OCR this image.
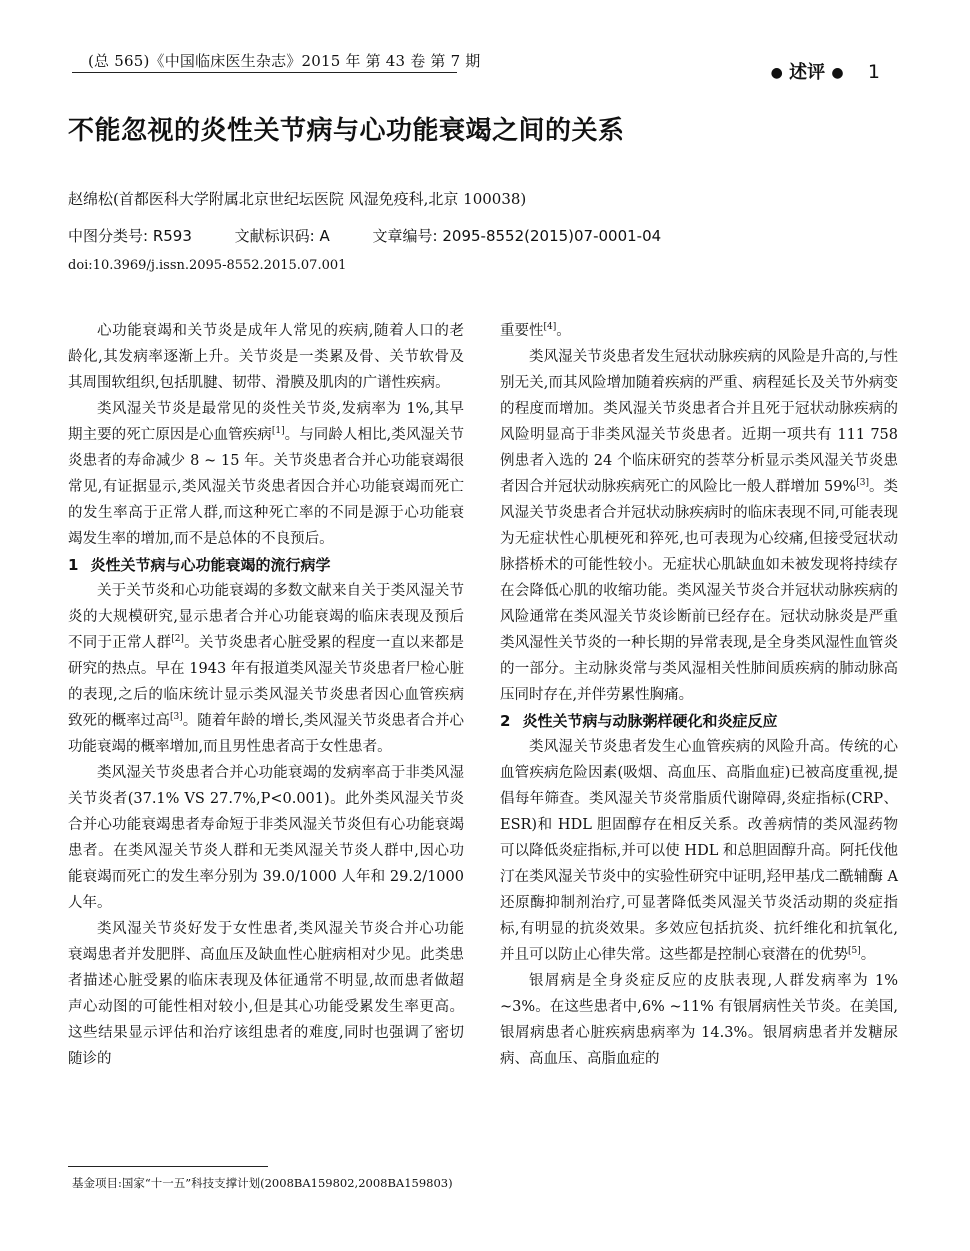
(总 565)《中国临床医生杂志》2015 年 第 43 卷 第 7 期
● 述评 ● 1
不能忽视的炎性关节病与心功能衰竭之间的关系
赵绵松(首都医科大学附属北京世纪坛医院 风湿免疫科,北京 100038)
中图分类号: R593	文献标识码: A	文章编号: 2095-8552(2015)07-0001-04
doi:10.3969/j.issn.2095-8552.2015.07.001

心功能衰竭和关节炎是成年人常见的疾病,随着人口的老龄化,其发病率逐渐上升。关节炎是一类累及骨、关节软骨及其周围软组织,包括肌腱、韧带、滑膜及肌肉的广谱性疾病。

类风湿关节炎是最常见的炎性关节炎,发病率为 1%,其早期主要的死亡原因是心血管疾病[1]。与同龄人相比,类风湿关节炎患者的寿命减少 8 ~ 15 年。关节炎患者合并心功能衰竭很常见,有证据显示,类风湿关节炎患者因合并心功能衰竭而死亡的发生率高于正常人群,而这种死亡率的不同是源于心功能衰竭发生率的增加,而不是总体的不良预后。

1 炎性关节病与心功能衰竭的流行病学

关于关节炎和心功能衰竭的多数文献来自关于类风湿关节炎的大规模研究,显示患者合并心功能衰竭的临床表现及预后不同于正常人群[2]。关节炎患者心脏受累的程度一直以来都是研究的热点。早在 1943 年有报道类风湿关节炎患者尸检心脏的表现,之后的临床统计显示类风湿关节炎患者因心血管疾病致死的概率过高[3]。随着年龄的增长,类风湿关节炎患者合并心功能衰竭的概率增加,而且男性患者高于女性患者。

类风湿关节炎患者合并心功能衰竭的发病率高于非类风湿关节炎者(37.1% VS 27.7%,P<0.001)。此外类风湿关节炎合并心功能衰竭患者寿命短于非类风湿关节炎但有心功能衰竭患者。在类风湿关节炎人群和无类风湿关节炎人群中,因心功能衰竭而死亡的发生率分别为 39.0/1000 人年和 29.2/1000 人年。

类风湿关节炎好发于女性患者,类风湿关节炎合并心功能衰竭患者并发肥胖、高血压及缺血性心脏病相对少见。此类患者描述心脏受累的临床表现及体征通常不明显,故而患者做超声心动图的可能性相对较小,但是其心功能受累发生率更高。这些结果显示评估和治疗该组患者的难度,同时也强调了密切随诊的

重要性[4]。

类风湿关节炎患者发生冠状动脉疾病的风险是升高的,与性别无关,而其风险增加随着疾病的严重、病程延长及关节外病变的程度而增加。类风湿关节炎患者合并且死于冠状动脉疾病的风险明显高于非类风湿关节炎患者。近期一项共有 111 758 例患者入选的 24 个临床研究的荟萃分析显示类风湿关节炎患者因合并冠状动脉疾病死亡的风险比一般人群增加 59%[3]。类风湿关节炎患者合并冠状动脉疾病时的临床表现不同,可能表现为无症状性心肌梗死和猝死,也可表现为心绞痛,但接受冠状动脉搭桥术的可能性较小。无症状心肌缺血如未被发现将持续存在会降低心肌的收缩功能。类风湿关节炎合并冠状动脉疾病的风险通常在类风湿关节炎诊断前已经存在。冠状动脉炎是严重类风湿性关节炎的一种长期的异常表现,是全身类风湿性血管炎的一部分。主动脉炎常与类风湿相关性肺间质疾病的肺动脉高压同时存在,并伴劳累性胸痛。

2 炎性关节病与动脉粥样硬化和炎症反应

类风湿关节炎患者发生心血管疾病的风险升高。传统的心血管疾病危险因素(吸烟、高血压、高脂血症)已被高度重视,提倡每年筛查。类风湿关节炎常脂质代谢障碍,炎症指标(CRP、ESR)和 HDL 胆固醇存在相反关系。改善病情的类风湿药物可以降低炎症指标,并可以使 HDL 和总胆固醇升高。阿托伐他汀在类风湿关节炎中的实验性研究中证明,羟甲基戊二酰辅酶 A 还原酶抑制剂治疗,可显著降低类风湿关节炎活动期的炎症指标,有明显的抗炎效果。多效应包括抗炎、抗纤维化和抗氧化,并且可以防止心律失常。这些都是控制心衰潜在的优势[5]。

银屑病是全身炎症反应的皮肤表现,人群发病率为 1% ~3%。在这些患者中,6% ~11% 有银屑病性关节炎。在美国,银屑病患者心脏疾病患病率为 14.3%。银屑病患者并发糖尿病、高血压、高脂血症的

基金项目:国家“十一五”科技支撑计划(2008BA159802,2008BA159803)
